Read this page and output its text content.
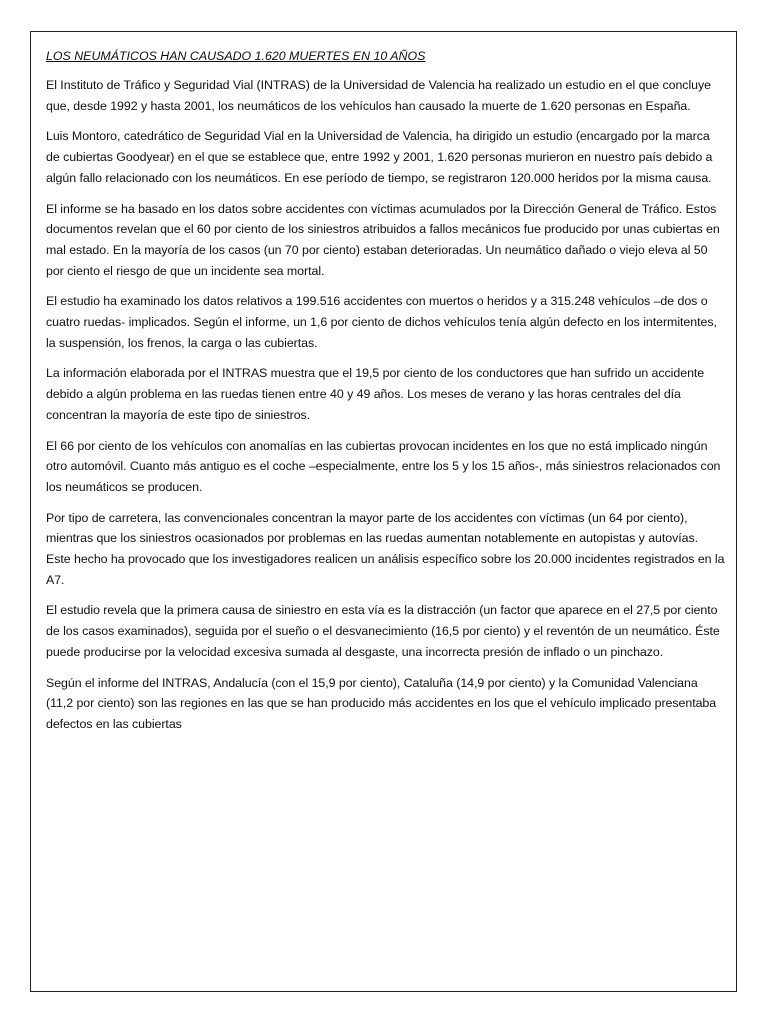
LOS NEUMÁTICOS HAN CAUSADO 1.620 MUERTES EN 10 AÑOS

El Instituto de Tráfico y Seguridad Vial (INTRAS) de la Universidad de Valencia ha realizado un estudio en el que concluye que, desde 1992 y hasta 2001, los neumáticos de los vehículos han causado la muerte de 1.620 personas en España.

Luis Montoro, catedrático de Seguridad Vial en la Universidad de Valencia, ha dirigido un estudio (encargado por la marca de cubiertas Goodyear) en el que se establece que, entre 1992 y 2001, 1.620 personas murieron en nuestro país debido a algún fallo relacionado con los neumáticos. En ese período de tiempo, se registraron 120.000 heridos por la misma causa.

El informe se ha basado en los datos sobre accidentes con víctimas acumulados por la Dirección General de Tráfico. Estos documentos revelan que el 60 por ciento de los siniestros atribuidos a fallos mecánicos fue producido por unas cubiertas en mal estado. En la mayoría de los casos (un 70 por ciento) estaban deterioradas. Un neumático dañado o viejo eleva al 50 por ciento el riesgo de que un incidente sea mortal.

El estudio ha examinado los datos relativos a 199.516 accidentes con muertos o heridos y a 315.248 vehículos –de dos o cuatro ruedas- implicados. Según el informe, un 1,6 por ciento de dichos vehículos tenía algún defecto en los intermitentes, la suspensión, los frenos, la carga o las cubiertas.

La información elaborada por el INTRAS muestra que el 19,5 por ciento de los conductores que han sufrido un accidente debido a algún problema en las ruedas tienen entre 40 y 49 años. Los meses de verano y las horas centrales del día concentran la mayoría de este tipo de siniestros.

El 66 por ciento de los vehículos con anomalías en las cubiertas provocan incidentes en los que no está implicado ningún otro automóvil. Cuanto más antiguo es el coche –especialmente, entre los 5 y los 15 años-, más siniestros relacionados con los neumáticos se producen.

Por tipo de carretera, las convencionales concentran la mayor parte de los accidentes con víctimas (un 64 por ciento), mientras que los siniestros ocasionados por problemas en las ruedas aumentan notablemente en autopistas y autovías. Este hecho ha provocado que los investigadores realicen un análisis específico sobre los 20.000 incidentes registrados en la A7.

El estudio revela que la primera causa de siniestro en esta vía es la distracción (un factor que aparece en el 27,5 por ciento de los casos examinados), seguida por el sueño o el desvanecimiento (16,5 por ciento) y el reventón de un neumático. Éste puede producirse por la velocidad excesiva sumada al desgaste, una incorrecta presión de inflado o un pinchazo.

Según el informe del INTRAS, Andalucía (con el 15,9 por ciento), Cataluña (14,9 por ciento) y la Comunidad Valenciana (11,2 por ciento) son las regiones en las que se han producido más accidentes en los que el vehículo implicado presentaba defectos en las cubiertas
